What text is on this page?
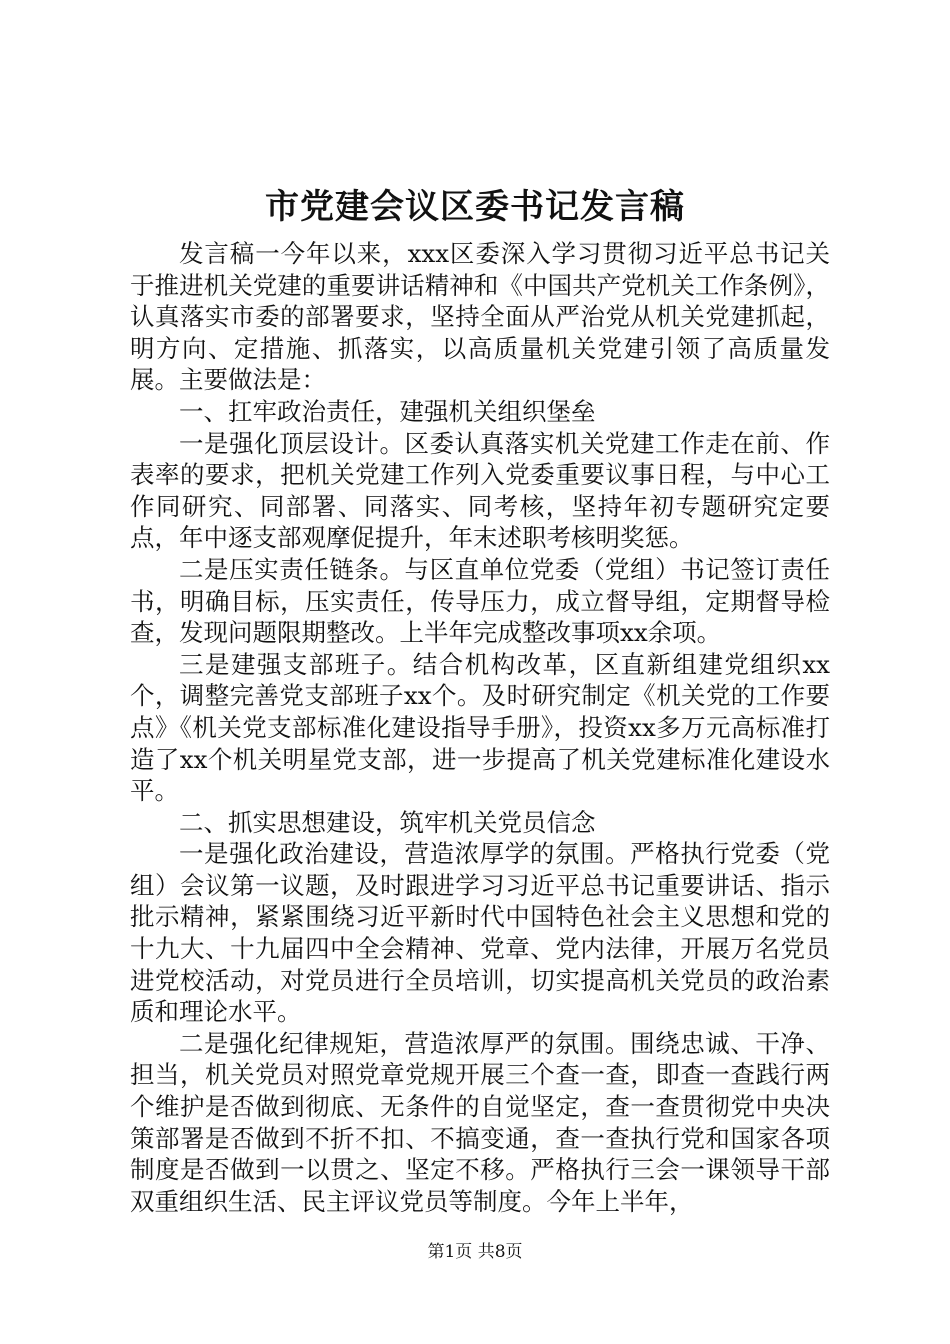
市党建会议区委书记发言稿

发言稿一今年以来，xxx区委深入学习贯彻习近平总书记关于推进机关党建的重要讲话精神和《中国共产党机关工作条例》，认真落实市委的部署要求，坚持全面从严治党从机关党建抓起，明方向、定措施、抓落实，以高质量机关党建引领了高质量发展。主要做法是：

一、扛牢政治责任，建强机关组织堡垒

一是强化顶层设计。区委认真落实机关党建工作走在前、作表率的要求，把机关党建工作列入党委重要议事日程，与中心工作同研究、同部署、同落实、同考核，坚持年初专题研究定要点，年中逐支部观摩促提升，年末述职考核明奖惩。

二是压实责任链条。与区直单位党委（党组）书记签订责任书，明确目标，压实责任，传导压力，成立督导组，定期督导检查，发现问题限期整改。上半年完成整改事项xx余项。

三是建强支部班子。结合机构改革，区直新组建党组织xx个，调整完善党支部班子xx个。及时研究制定《机关党的工作要点》《机关党支部标准化建设指导手册》，投资xx多万元高标准打造了xx个机关明星党支部，进一步提高了机关党建标准化建设水平。

二、抓实思想建设，筑牢机关党员信念

一是强化政治建设，营造浓厚学的氛围。严格执行党委（党组）会议第一议题，及时跟进学习习近平总书记重要讲话、指示批示精神，紧紧围绕习近平新时代中国特色社会主义思想和党的十九大、十九届四中全会精神、党章、党内法律，开展万名党员进党校活动，对党员进行全员培训，切实提高机关党员的政治素质和理论水平。

二是强化纪律规矩，营造浓厚严的氛围。围绕忠诚、干净、担当，机关党员对照党章党规开展三个查一查，即查一查践行两个维护是否做到彻底、无条件的自觉坚定，查一查贯彻党中央决策部署是否做到不折不扣、不搞变通，查一查执行党和国家各项制度是否做到一以贯之、坚定不移。严格执行三会一课领导干部双重组织生活、民主评议党员等制度。今年上半年，

第1页 共8页
